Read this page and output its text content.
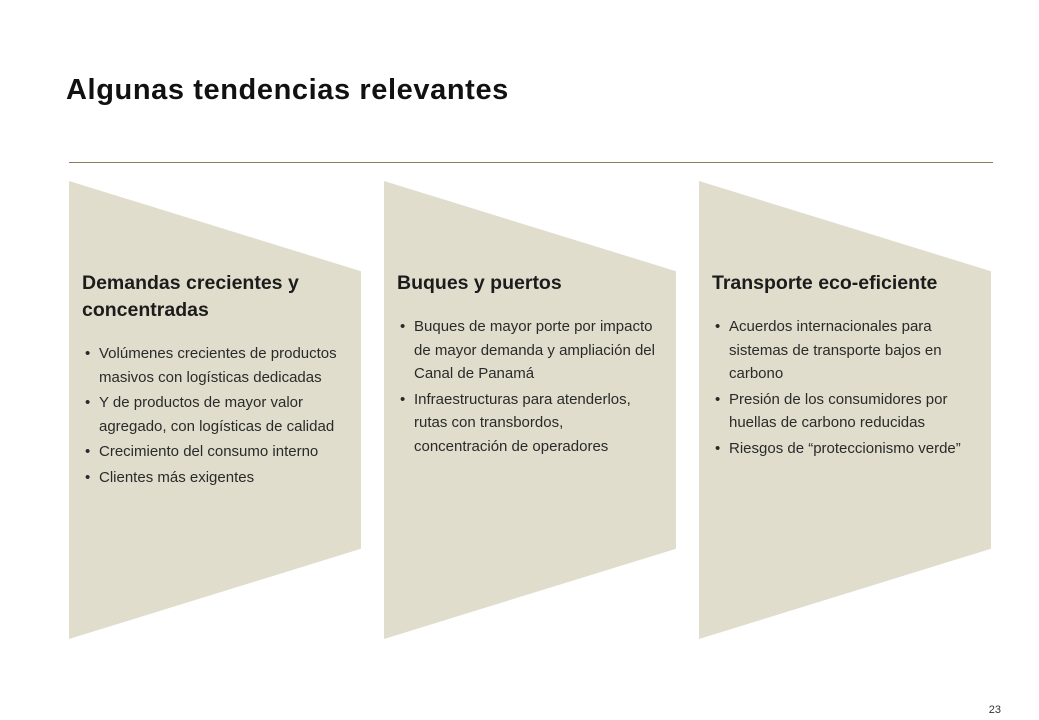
Algunas tendencias relevantes
Demandas crecientes y concentradas
• Volúmenes crecientes de productos masivos con logísticas dedicadas
• Y de productos de mayor valor agregado, con logísticas de calidad
• Crecimiento del consumo interno
• Clientes más exigentes
Buques y puertos
• Buques de mayor porte por impacto de mayor demanda y ampliación del Canal de Panamá
• Infraestructuras para atenderlos, rutas con transbordos, concentración de operadores
Transporte eco-eficiente
• Acuerdos internacionales para sistemas de transporte bajos en carbono
• Presión de los consumidores por huellas de carbono reducidas
• Riesgos de “proteccionismo verde”
23
